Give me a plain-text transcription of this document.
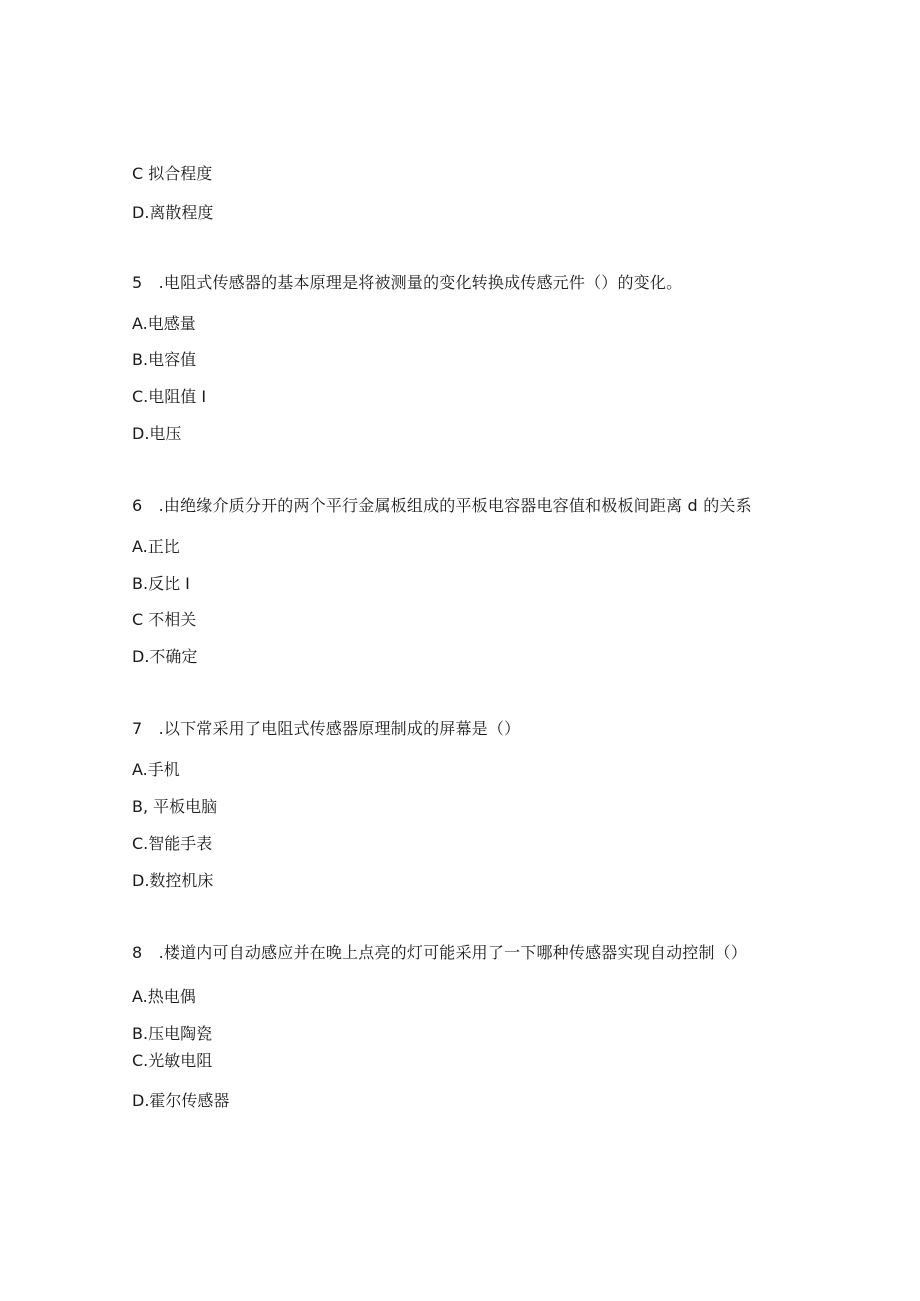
C 拟合程度
D.离散程度
5　.电阻式传感器的基本原理是将被测量的变化转换成传感元件（）的变化。
A.电感量
B.电容值
C.电阻值 I
D.电压
6　.由绝缘介质分开的两个平行金属板组成的平板电容器电容值和极板间距离 d 的关系
A.正比
B.反比 I
C 不相关
D.不确定
7　.以下常采用了电阻式传感器原理制成的屏幕是（）
A.手机
B, 平板电脑
C.智能手表
D.数控机床
8　.楼道内可自动感应并在晚上点亮的灯可能采用了一下哪种传感器实现自动控制（）
A.热电偶
B.压电陶瓷
C.光敏电阻
D.霍尔传感器
